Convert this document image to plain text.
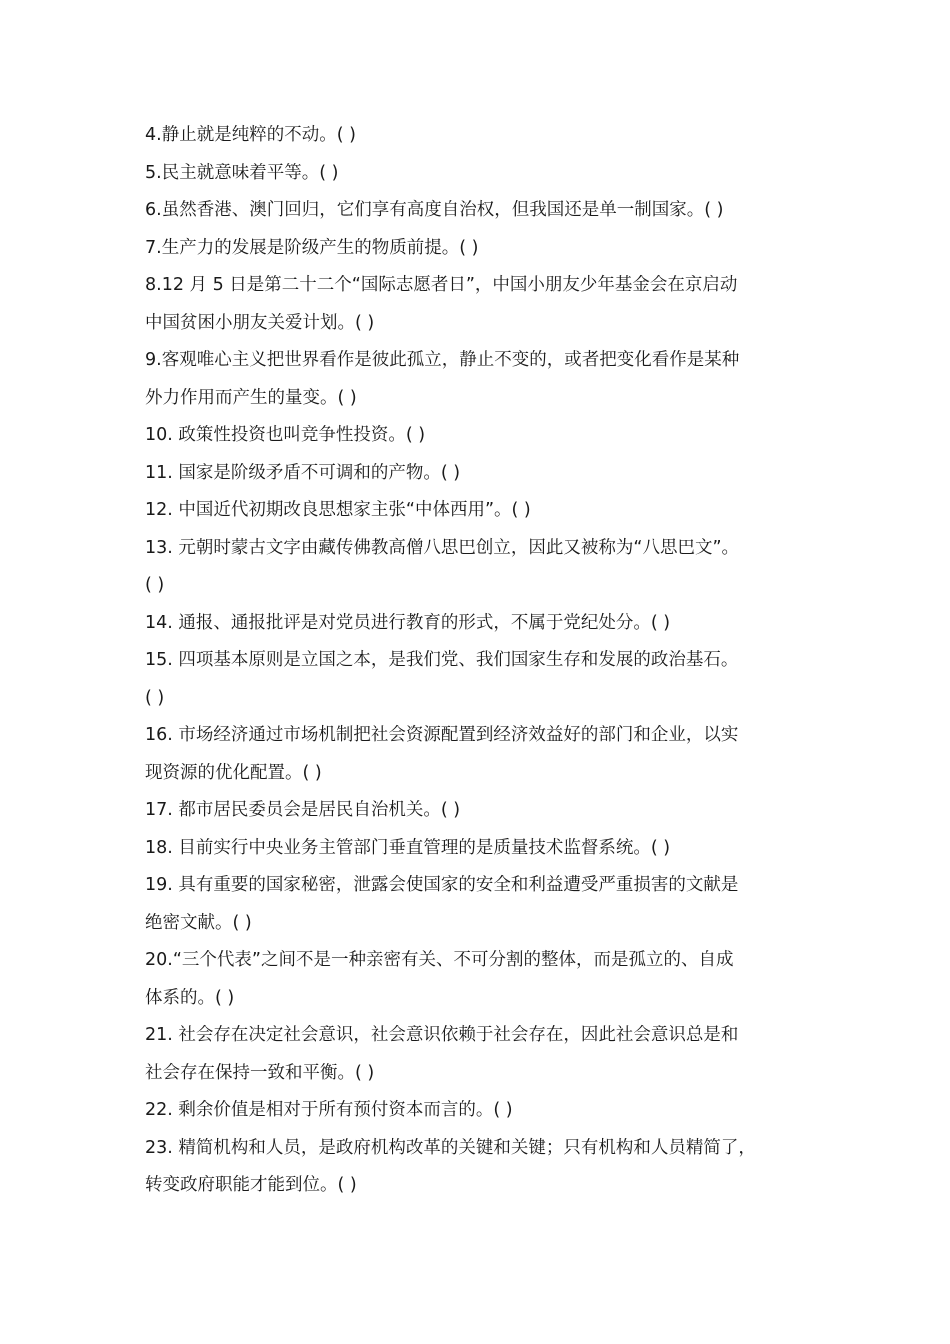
4.静止就是纯粹的不动。( )
5.民主就意味着平等。( )
6.虽然香港、澳门回归，它们享有高度自治权，但我国还是单一制国家。( )
7.生产力的发展是阶级产生的物质前提。( )
8.12 月 5 日是第二十二个“国际志愿者日”，中国小朋友少年基金会在京启动
中国贫困小朋友关爱计划。( )
9.客观唯心主义把世界看作是彼此孤立，静止不变的，或者把变化看作是某种
外力作用而产生的量变。( )
10. 政策性投资也叫竞争性投资。( )
11. 国家是阶级矛盾不可调和的产物。( )
12. 中国近代初期改良思想家主张“中体西用”。( )
13. 元朝时蒙古文字由藏传佛教高僧八思巴创立，因此又被称为“八思巴文”。
( )
14. 通报、通报批评是对党员进行教育的形式，不属于党纪处分。( )
15. 四项基本原则是立国之本，是我们党、我们国家生存和发展的政治基石。
( )
16. 市场经济通过市场机制把社会资源配置到经济效益好的部门和企业，以实
现资源的优化配置。( )
17. 都市居民委员会是居民自治机关。( )
18. 目前实行中央业务主管部门垂直管理的是质量技术监督系统。( )
19. 具有重要的国家秘密，泄露会使国家的安全和利益遭受严重损害的文献是
绝密文献。( )
20.“三个代表”之间不是一种亲密有关、不可分割的整体，而是孤立的、自成
体系的。( )
21. 社会存在决定社会意识，社会意识依赖于社会存在，因此社会意识总是和
社会存在保持一致和平衡。( )
22. 剩余价值是相对于所有预付资本而言的。( )
23. 精简机构和人员，是政府机构改革的关键和关键；只有机构和人员精简了，
转变政府职能才能到位。( )
